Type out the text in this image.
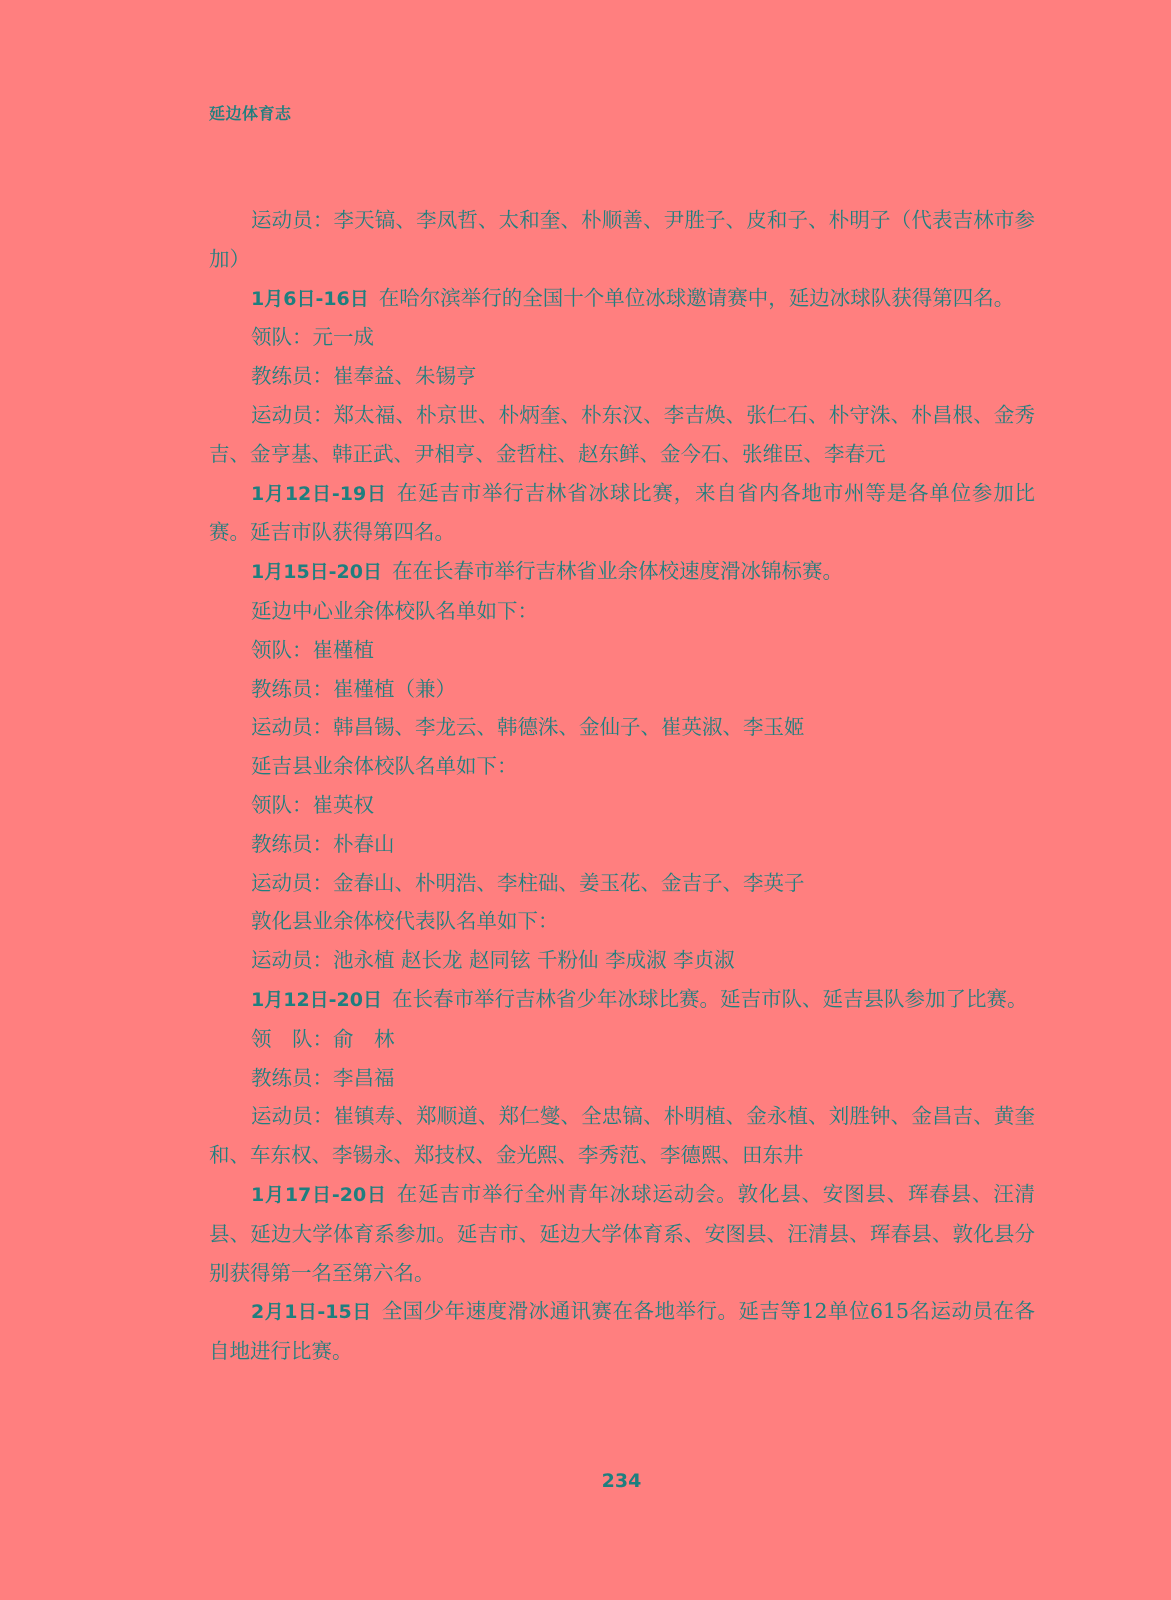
延边体育志

运动员：李天镐、李凤哲、太和奎、朴顺善、尹胜子、皮和子、朴明子（代表吉林市参加）

1月6日-16日 在哈尔滨举行的全国十个单位冰球邀请赛中，延边冰球队获得第四名。

领队：元一成

教练员：崔奉益、朱锡亨

运动员：郑太福、朴京世、朴炳奎、朴东汉、李吉焕、张仁石、朴守洙、朴昌根、金秀吉、金亨基、韩正武、尹相亨、金哲柱、赵东鲜、金今石、张维臣、李春元

1月12日-19日 在延吉市举行吉林省冰球比赛，来自省内各地市州等是各单位参加比赛。延吉市队获得第四名。

1月15日-20日 在在长春市举行吉林省业余体校速度滑冰锦标赛。

延边中心业余体校队名单如下：

领队：崔槿植

教练员：崔槿植（兼）

运动员：韩昌锡、李龙云、韩德洙、金仙子、崔英淑、李玉姬

延吉县业余体校队名单如下：

领队：崔英权

教练员：朴春山

运动员：金春山、朴明浩、李柱础、姜玉花、金吉子、李英子

敦化县业余体校代表队名单如下：

运动员：池永植 赵长龙 赵同铉 千粉仙 李成淑 李贞淑

1月12日-20日 在长春市举行吉林省少年冰球比赛。延吉市队、延吉县队参加了比赛。

领　队：俞　林

教练员：李昌福

运动员：崔镇寿、郑顺道、郑仁燮、全忠镐、朴明植、金永植、刘胜钟、金昌吉、黄奎和、车东权、李锡永、郑技权、金光熙、李秀范、李德熙、田东井

1月17日-20日 在延吉市举行全州青年冰球运动会。敦化县、安图县、珲春县、汪清县、延边大学体育系参加。延吉市、延边大学体育系、安图县、汪清县、珲春县、敦化县分别获得第一名至第六名。

2月1日-15日 全国少年速度滑冰通讯赛在各地举行。延吉等12单位615名运动员在各自地进行比赛。

234
